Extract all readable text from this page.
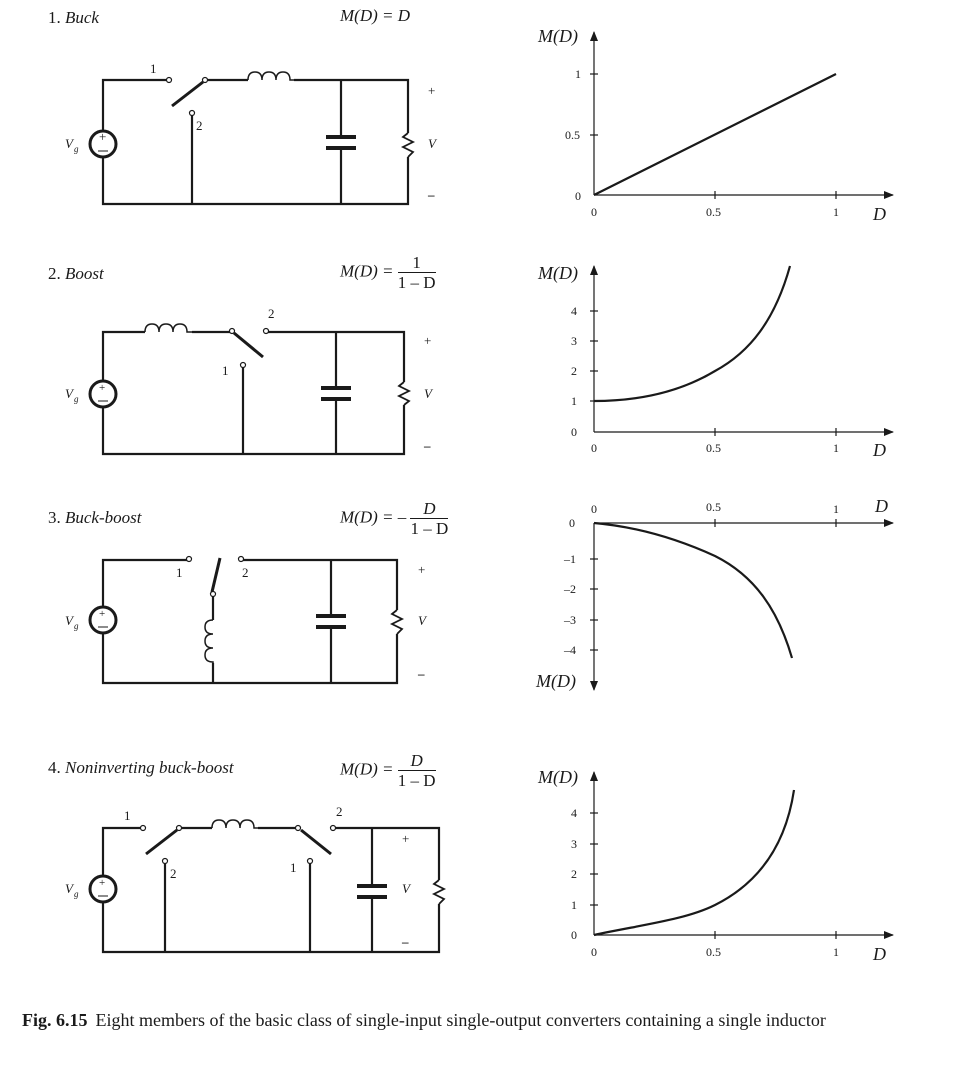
1. Buck	M(D) = D
2. Boost	$M(D) = \frac{1}{1 - D}$
3. Buck-boost	M(D) = – $\frac{D}{1 - D}$
4. Noninverting buck-boost	$M(D) = \frac{D}{1 - D}$
+
V g
1
2
+
V
–
+
V g
1
2
+
V
–
+
V g
1	2	+
V
–
+
V g
1
2	1
2
+
V
–
M(D)
D
0
0.5
1
0	0.5	1
M(D)
D
0
1
2
3
4
0	0.5	1
M(D)
D
0
–1
–2
–3
–4
0	0.5	1
M(D)
D
0
1
2
3
4
0	0.5	1
Fig. 6.15 Eight members of the basic class of single-input single-output converters containing a single inductor
